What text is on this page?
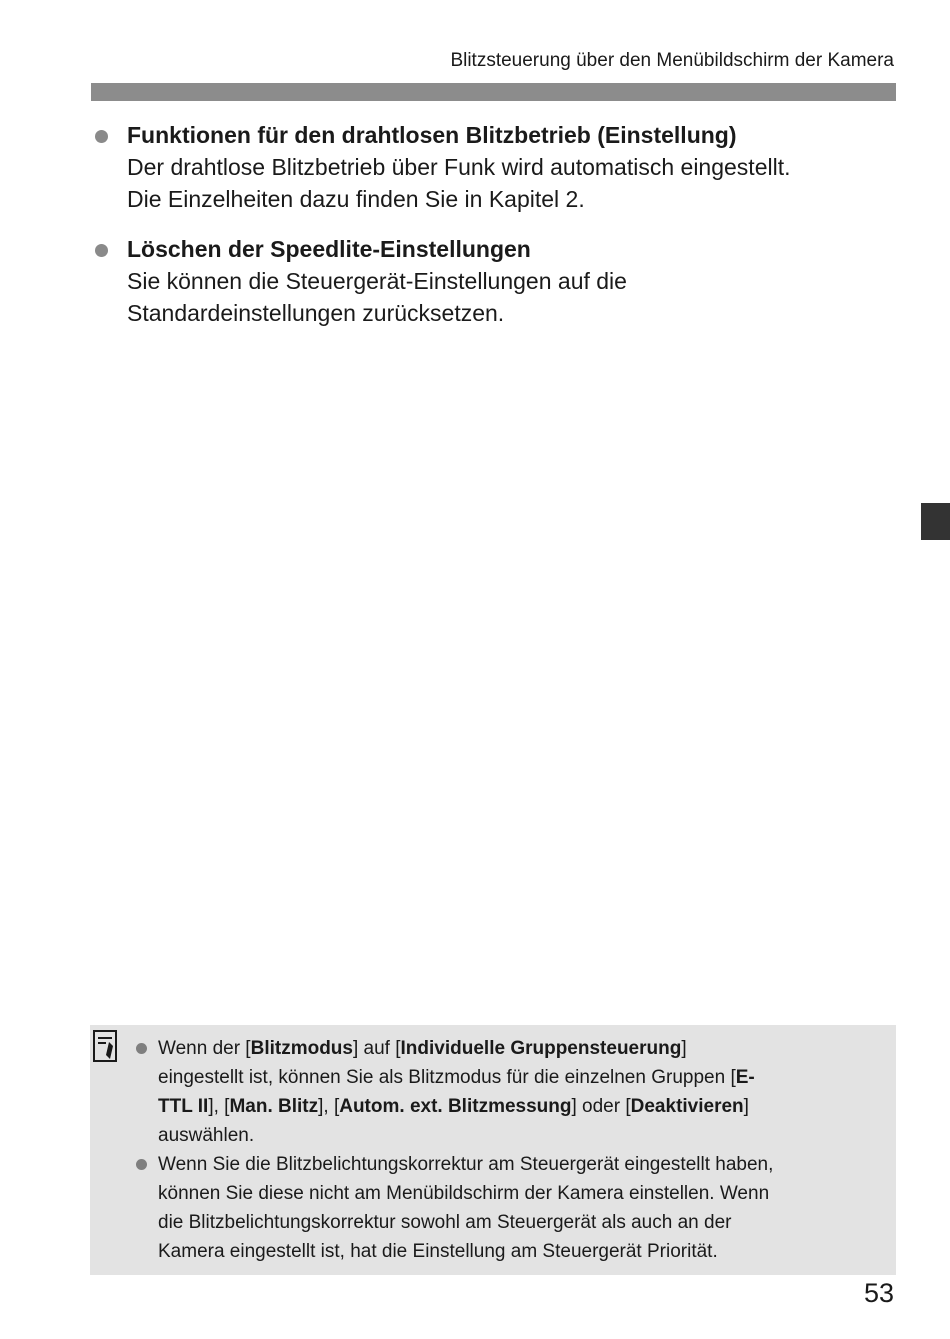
Blitzsteuerung über den Menübildschirm der Kamera
Funktionen für den drahtlosen Blitzbetrieb (Einstellung)
Der drahtlose Blitzbetrieb über Funk wird automatisch eingestellt.
Die Einzelheiten dazu finden Sie in Kapitel 2.
Löschen der Speedlite-Einstellungen
Sie können die Steuergerät-Einstellungen auf die
Standardeinstellungen zurücksetzen.
Wenn der [Blitzmodus] auf [Individuelle Gruppensteuerung]
eingestellt ist, können Sie als Blitzmodus für die einzelnen Gruppen [E-
TTL II], [Man. Blitz], [Autom. ext. Blitzmessung] oder [Deaktivieren]
auswählen.
Wenn Sie die Blitzbelichtungskorrektur am Steuergerät eingestellt haben,
können Sie diese nicht am Menübildschirm der Kamera einstellen. Wenn
die Blitzbelichtungskorrektur sowohl am Steuergerät als auch an der
Kamera eingestellt ist, hat die Einstellung am Steuergerät Priorität.
53
